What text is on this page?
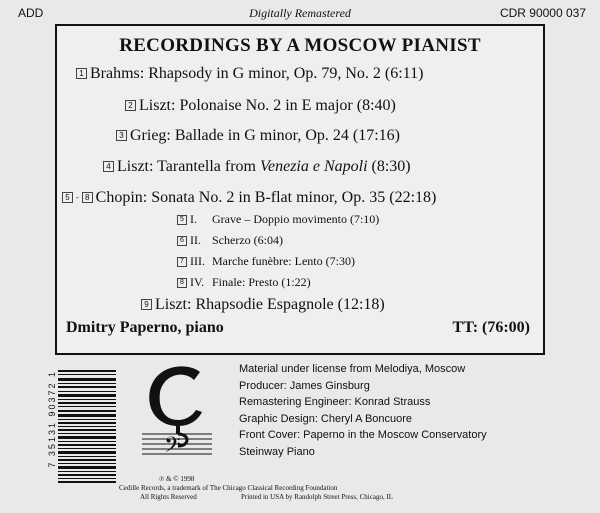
ADD	Digitally Remastered	CDR 90000 037
RECORDINGS BY A MOSCOW PIANIST
1 Brahms: Rhapsody in G minor, Op. 79, No. 2 (6:11)
2 Liszt: Polonaise No. 2 in E major (8:40)
3 Grieg: Ballade in G minor, Op. 24 (17:16)
4 Liszt: Tarantella from Venezia e Napoli (8:30)
5 - 8 Chopin: Sonata No. 2 in B-flat minor, Op. 35 (22:18)
5 I. Grave – Doppio movimento (7:10)
6 II. Scherzo (6:04)
7 III. Marche funèbre: Lento (7:30)
8 IV. Finale: Presto (1:22)
9 Liszt: Rhapsodie Espagnole (12:18)
Dmitry Paperno, piano	TT: (76:00)
7 35131 90372 1	𝄢
℗ & © 1998
Cedille Records, a trademark of The Chicago Classical Recording Foundation
All Rights Reserved	Printed in USA by Randolph Street Press, Chicago, IL
Material under license from Melodiya, Moscow
Producer: James Ginsburg
Remastering Engineer: Konrad Strauss
Graphic Design: Cheryl A Boncuore
Front Cover: Paperno in the Moscow Conservatory
Steinway Piano
